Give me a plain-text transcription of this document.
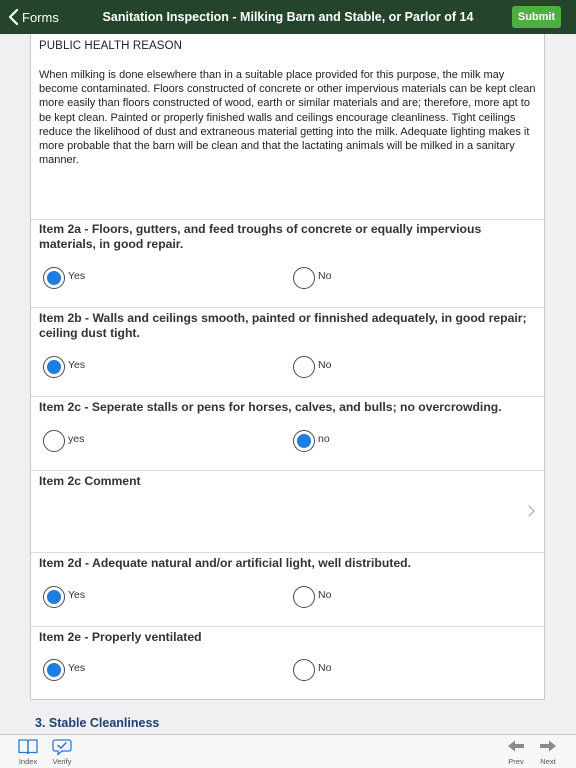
Forms	Sanitation Inspection - Milking Barn and Stable, or Parlor of 14	Submit
PUBLIC HEALTH REASON
When milking is done elsewhere than in a suitable place provided for this purpose, the milk may become contaminated. Floors constructed of concrete or other impervious materials can be kept clean more easily than floors constructed of wood, earth or similar materials and are; therefore, more apt to be kept clean. Painted or properly finished walls and ceilings encourage cleanliness. Tight ceilings reduce the likelihood of dust and extraneous material getting into the milk. Adequate lighting makes it more probable that the barn will be clean and that the lactating animals will be milked in a sanitary manner.
Item 2a - Floors, gutters, and feed troughs of concrete or equally impervious materials, in good repair.
Yes	No
Item 2b - Walls and ceilings smooth, painted or finnished adequately, in good repair; ceiling dust tight.
Yes	No
Item 2c - Seperate stalls or pens for horses, calves, and bulls; no overcrowding.
yes	no
Item 2c Comment
Item 2d - Adequate natural and/or artificial light, well distributed.
Yes	No
Item 2e - Properly ventilated
Yes	No
3. Stable Cleanliness
Index Verify	Prev Next
